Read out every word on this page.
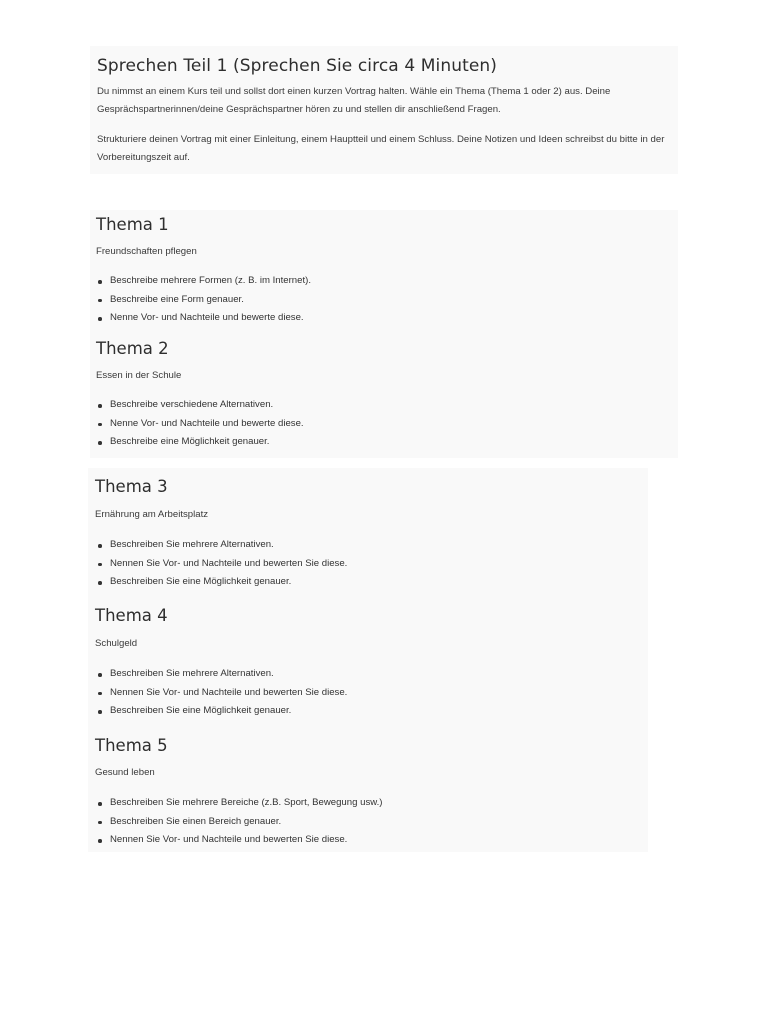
Sprechen Teil 1 (Sprechen Sie circa 4 Minuten)

Du nimmst an einem Kurs teil und sollst dort einen kurzen Vortrag halten. Wähle ein Thema (Thema 1 oder 2) aus. Deine Gesprächspartnerinnen/deine Gesprächspartner hören zu und stellen dir anschließend Fragen.

Strukturiere deinen Vortrag mit einer Einleitung, einem Hauptteil und einem Schluss. Deine Notizen und Ideen schreibst du bitte in der Vorbereitungszeit auf.

Thema 1
Freundschaften pflegen
Beschreibe mehrere Formen (z. B. im Internet).
Beschreibe eine Form genauer.
Nenne Vor- und Nachteile und bewerte diese.
Thema 2
Essen in der Schule
Beschreibe verschiedene Alternativen.
Nenne Vor- und Nachteile und bewerte diese.
Beschreibe eine Möglichkeit genauer.
Thema 3
Ernährung am Arbeitsplatz
Beschreiben Sie mehrere Alternativen.
Nennen Sie Vor- und Nachteile und bewerten Sie diese.
Beschreiben Sie eine Möglichkeit genauer.
Thema 4
Schulgeld
Beschreiben Sie mehrere Alternativen.
Nennen Sie Vor- und Nachteile und bewerten Sie diese.
Beschreiben Sie eine Möglichkeit genauer.
Thema 5
Gesund leben
Beschreiben Sie mehrere Bereiche (z.B. Sport, Bewegung usw.)
Beschreiben Sie einen Bereich genauer.
Nennen Sie Vor- und Nachteile und bewerten Sie diese.
